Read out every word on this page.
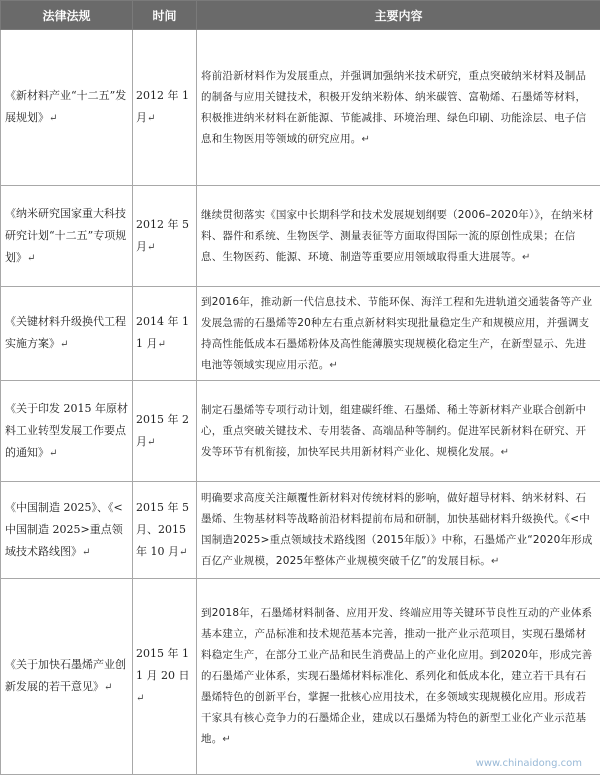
法律法规	时间	主要内容
《新材料产业“十二五”发展规划》↵	2012 年 1 月↵	将前沿新材料作为发展重点，并强调加强纳米技术研究，重点突破纳米材料及制品的制备与应用关键技术，积极开发纳米粉体、纳米碳管、富勒烯、石墨烯等材料，积极推进纳米材料在新能源、节能减排、环境治理、绿色印刷、功能涂层、电子信息和生物医用等领域的研究应用。↵
《纳米研究国家重大科技研究计划“十二五”专项规划》↵	2012 年 5 月↵	继续贯彻落实《国家中长期科学和技术发展规划纲要（2006–2020年）》，在纳米材料、器件和系统、生物医学、测量表征等方面取得国际一流的原创性成果；在信息、生物医药、能源、环境、制造等重要应用领域取得重大进展等。↵
《关键材料升级换代工程实施方案》↵	2014 年 11 月↵	到2016年，推动新一代信息技术、节能环保、海洋工程和先进轨道交通装备等产业发展急需的石墨烯等20种左右重点新材料实现批量稳定生产和规模应用，并强调支持高性能低成本石墨烯粉体及高性能薄膜实现规模化稳定生产，在新型显示、先进电池等领域实现应用示范。↵
《关于印发 2015 年原材料工业转型发展工作要点的通知》↵	2015 年 2 月↵	制定石墨烯等专项行动计划，组建碳纤维、石墨烯、稀土等新材料产业联合创新中心，重点突破关键技术、专用装备、高端品种等制约。促进军民新材料在研究、开发等环节有机衔接，加快军民共用新材料产业化、规模化发展。↵
《中国制造 2025》、《<中国制造 2025>重点领域技术路线图》↵	2015 年 5 月、2015 年 10 月↵	明确要求高度关注颠覆性新材料对传统材料的影响，做好超导材料、纳米材料、石墨烯、生物基材料等战略前沿材料提前布局和研制，加快基础材料升级换代。《<中国制造2025>重点领域技术路线图（2015年版）》中称，石墨烯产业“2020年形成百亿产业规模，2025年整体产业规模突破千亿”的发展目标。↵
《关于加快石墨烯产业创新发展的若干意见》↵	2015 年 11 月 20 日↵	到2018年，石墨烯材料制备、应用开发、终端应用等关键环节良性互动的产业体系基本建立，产品标准和技术规范基本完善，推动一批产业示范项目，实现石墨烯材料稳定生产，在部分工业产品和民生消费品上的产业化应用。到2020年，形成完善的石墨烯产业体系，实现石墨烯材料标准化、系列化和低成本化，建立若干具有石墨烯特色的创新平台，掌握一批核心应用技术，在多领域实现规模化应用。形成若干家具有核心竞争力的石墨烯企业，建成以石墨烯为特色的新型工业化产业示范基地。↵
www.chinaidong.com
